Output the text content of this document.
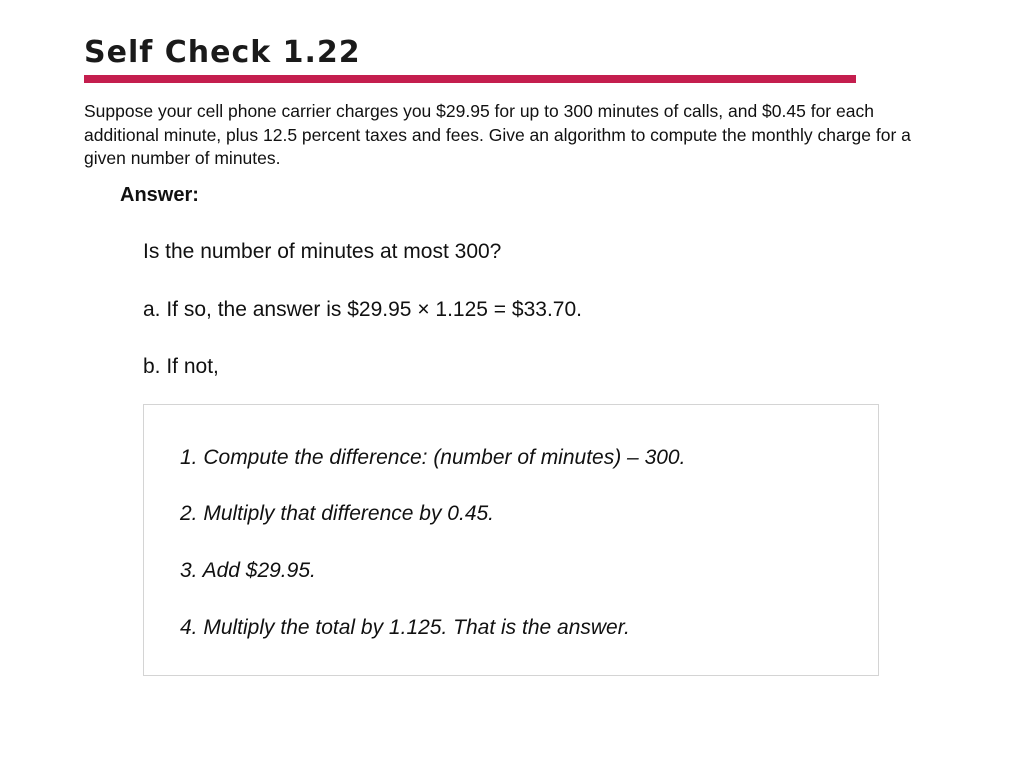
Self Check 1.22

Suppose your cell phone carrier charges you $29.95 for up to 300 minutes of calls, and $0.45 for each additional minute, plus 12.5 percent taxes and fees. Give an algorithm to compute the monthly charge for a given number of minutes.

Answer:

Is the number of minutes at most 300?

a. If so, the answer is $29.95 × 1.125 = $33.70.

b. If not,

1. Compute the difference: (number of minutes) – 300.

2. Multiply that difference by 0.45.

3. Add $29.95.

4. Multiply the total by 1.125. That is the answer.
